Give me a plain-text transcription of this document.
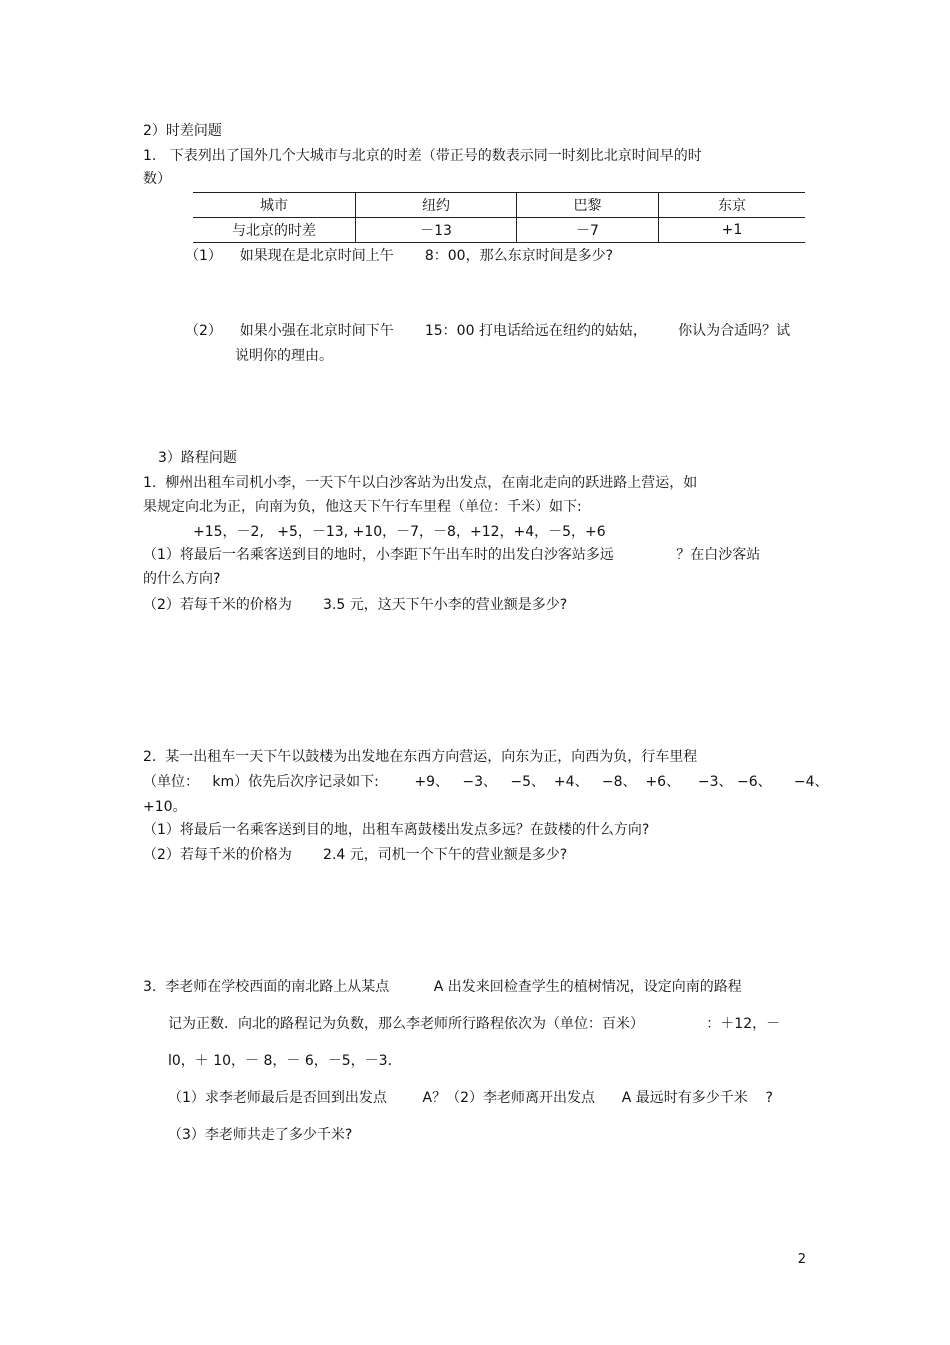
2）时差问题
1.   下表列出了国外几个大城市与北京的时差（带正号的数表示同一时刻比北京时间早的时
数）
城市	纽约	巴黎	东京
与北京的时差	－13	－7	+1
（1）    如果现在是北京时间上午       8：00，那么东京时间是多少?
（2）    如果小强在北京时间下午       15：00 打电话给远在纽约的姑姑，       你认为合适吗？试
说明你的理由。
3）路程问题
1.  柳州出租车司机小李，一天下午以白沙客站为出发点，在南北走向的跃进路上营运，如
果规定向北为正，向南为负，他这天下午行车里程（单位：千米）如下:
+15，－2,   +5，－13, +10，－7，－8，+12，+4，－5，+6
（1）将最后一名乘客送到目的地时，小李距下午出车时的出发白沙客站多远              ？在白沙客站
的什么方向?
（2）若每千米的价格为       3.5 元，这天下午小李的营业额是多少?
2.  某一出租车一天下午以鼓楼为出发地在东西方向营运，向东为正，向西为负，行车里程
（单位：   km）依先后次序记录如下:        +9、   −3、   −5、  +4、   −8、  +6、    −3、 −6、     −4、
+10。
（1）将最后一名乘客送到目的地，出租车离鼓楼出发点多远？在鼓楼的什么方向?
（2）若每千米的价格为       2.4 元，司机一个下午的营业额是多少?
3.  李老师在学校西面的南北路上从某点          A 出发来回检查学生的植树情况，设定向南的路程
记为正数．向北的路程记为负数，那么李老师所行路程依次为（单位：百米）              ：＋12，－
l0，＋ 10，－ 8，－ 6，－5，－3．
（1）求李老师最后是否回到出发点        A？（2）李老师离开出发点      A 最远时有多少千米    ?
（3）李老师共走了多少千米?
2
